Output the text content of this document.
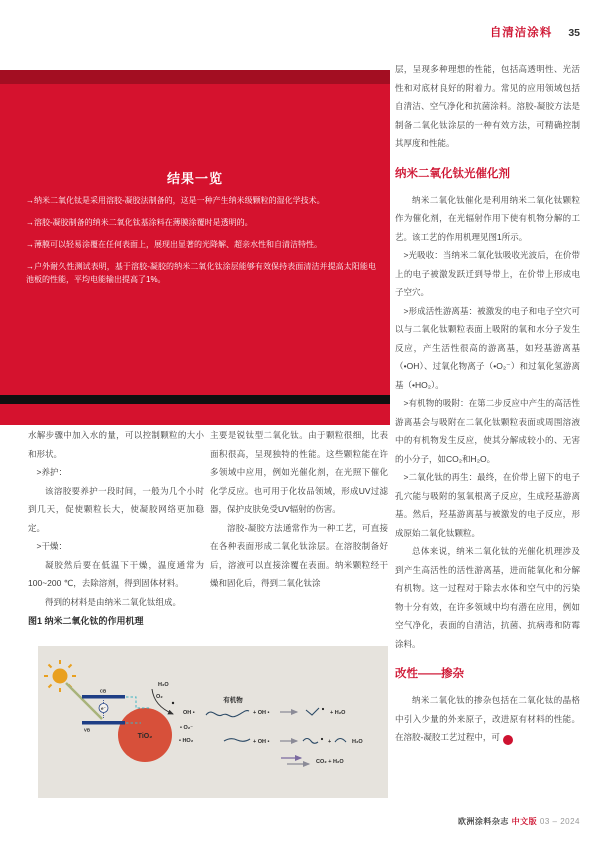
自清洁涂料 35
结果一览

→纳米二氧化钛是采用溶胶-凝胶法制备的，这是一种产生纳米级颗粒的湿化学技术。

→溶胶-凝胶制备的纳米二氧化钛基涂料在薄膜涂覆时是透明的。

→薄膜可以轻易涂覆在任何表面上，展现出显著的光降解、超亲水性和自清洁特性。

→户外耐久性测试表明，基于溶胶-凝胶的纳米二氧化钛涂层能够有效保持表面清洁并提高太阳能电池板的性能，平均电能输出提高了1%。

水解步骤中加入水的量，可以控制颗粒的大小和形状。

>养护：

该溶胶要养护一段时间，一般为几个小时到几天，促使颗粒长大，使凝胶网络更加稳定。

>干燥：

凝胶然后要在低温下干燥，温度通常为100~200 ℃，去除溶剂，得到固体材料。

得到的材料是由纳米二氧化钛组成。

主要是锐钛型二氧化钛。由于颗粒很细，比表面积很高，呈现独特的性能。这些颗粒能在许多领域中应用，例如光催化剂，在光照下催化化学反应。也可用于化妆品领域，形成UV过滤器，保护皮肤免受UV辐射的伤害。

溶胶-凝胶方法通常作为一种工艺，可直接在各种表面形成二氧化钛涂层。在溶胶制备好后，溶液可以直接涂覆在表面。纳米颗粒经干燥和固化后，得到二氧化钛涂

层，呈现多种理想的性能，包括高透明性、光活性和对底材良好的附着力。常见的应用领域包括自清洁、空气净化和抗菌涂料。溶胶-凝胶方法是制备二氧化钛涂层的一种有效方法，可精确控制其厚度和性能。

纳米二氧化钛光催化剂

纳米二氧化钛催化是利用纳米二氧化钛颗粒作为催化剂，在光辐射作用下使有机物分解的工艺。该工艺的作用机理见图1所示。

>光吸收：当纳米二氧化钛吸收光波后，在价带上的电子被激发跃迁到导带上，在价带上形成电子空穴。

>形成活性游离基：被激发的电子和电子空穴可以与二氧化钛颗粒表面上吸附的氧和水分子发生反应，产生活性很高的游离基，如羟基游离基（•OH）、过氧化物离子（•O₂⁻）和过氧化氢游离基（•HO₂）。

>有机物的吸附：在第二步反应中产生的高活性游离基会与吸附在二氧化钛颗粒表面或周围溶液中的有机物发生反应，使其分解成较小的、无害的小分子，如CO₂和H₂O。

>二氧化钛的再生：最终，在价带上留下的电子孔穴能与吸附的氢氧根离子反应，生成羟基游离基。然后，羟基游离基与被激发的电子反应，形成原始二氧化钛颗粒。

总体来说，纳米二氧化钛的光催化机理涉及到产生高活性的活性游离基，进而能氧化和分解有机物。这一过程对于除去水体和空气中的污染物十分有效，在许多领域中均有潜在应用，例如空气净化，表面的自清洁，抗菌、抗病毒和防霉涂料。

改性——掺杂

纳米二氧化钛的掺杂包括在二氧化钛的晶格中引入少量的外来原子，改进原有材料的性能。在溶胶-凝胶工艺过程中，可	❯

图1 纳米二氧化钛的作用机理
TiO₂
CB
VB
e⁻
H₂O
O₂
OH •
• O₂⁻
• HO₂
有机物
+ OH •	+ H₂O
+ OH •	+	H₂O
CO₂ + H₂O
欧洲涂料杂志 中文版 03 – 2024
